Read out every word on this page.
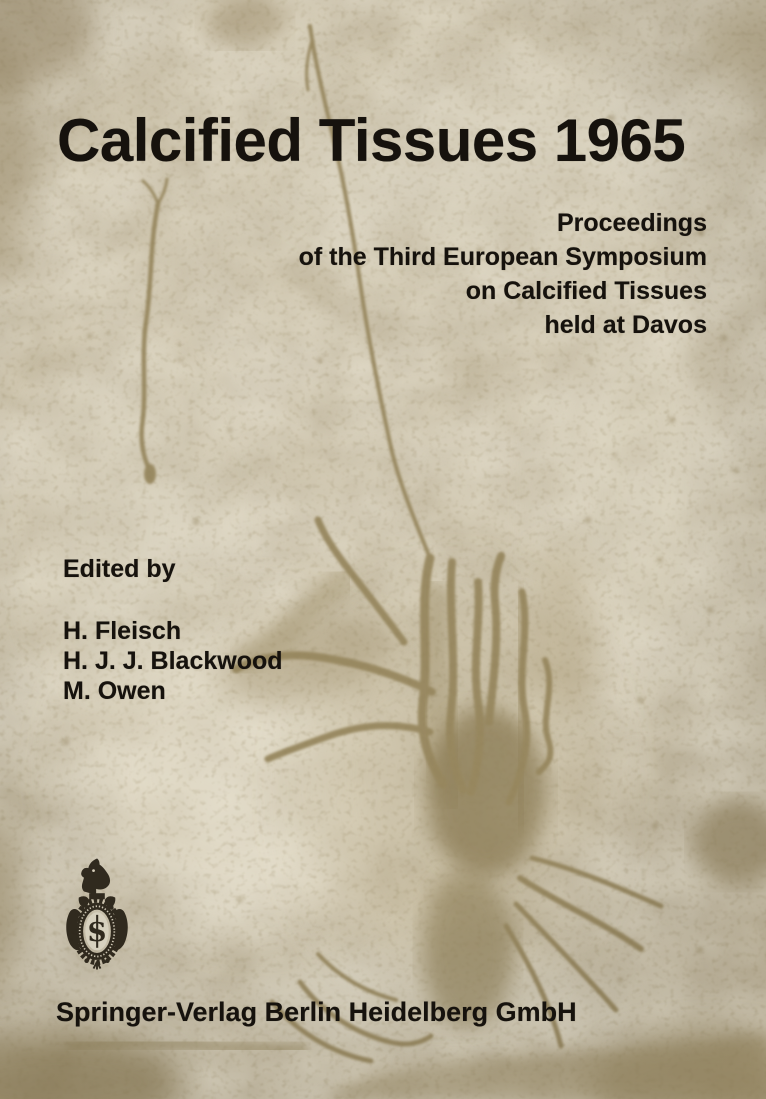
Calcified Tissues 1965
Proceedings
of the Third European Symposium
on Calcified Tissues
held at Davos
Edited by
H. Fleisch
H. J. J. Blackwood
M. Owen
S
Springer-Verlag Berlin Heidelberg GmbH
